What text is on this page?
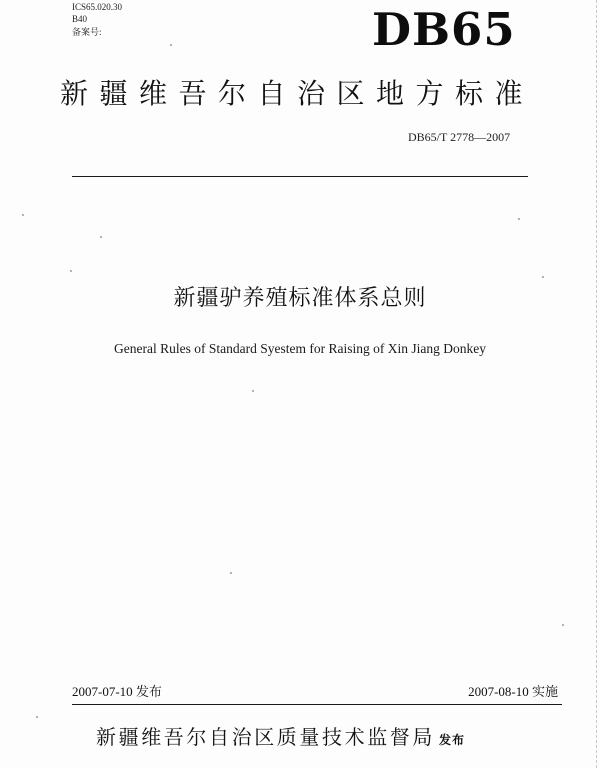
ICS65.020.30
B40
备案号:	DB65
新疆维吾尔自治区地方标准
DB65/T 2778—2007
新疆驴养殖标准体系总则
General Rules of Standard Syestem for Raising of Xin Jiang Donkey
2007-07-10 发布	2007-08-10 实施
新疆维吾尔自治区质量技术监督局 发布
